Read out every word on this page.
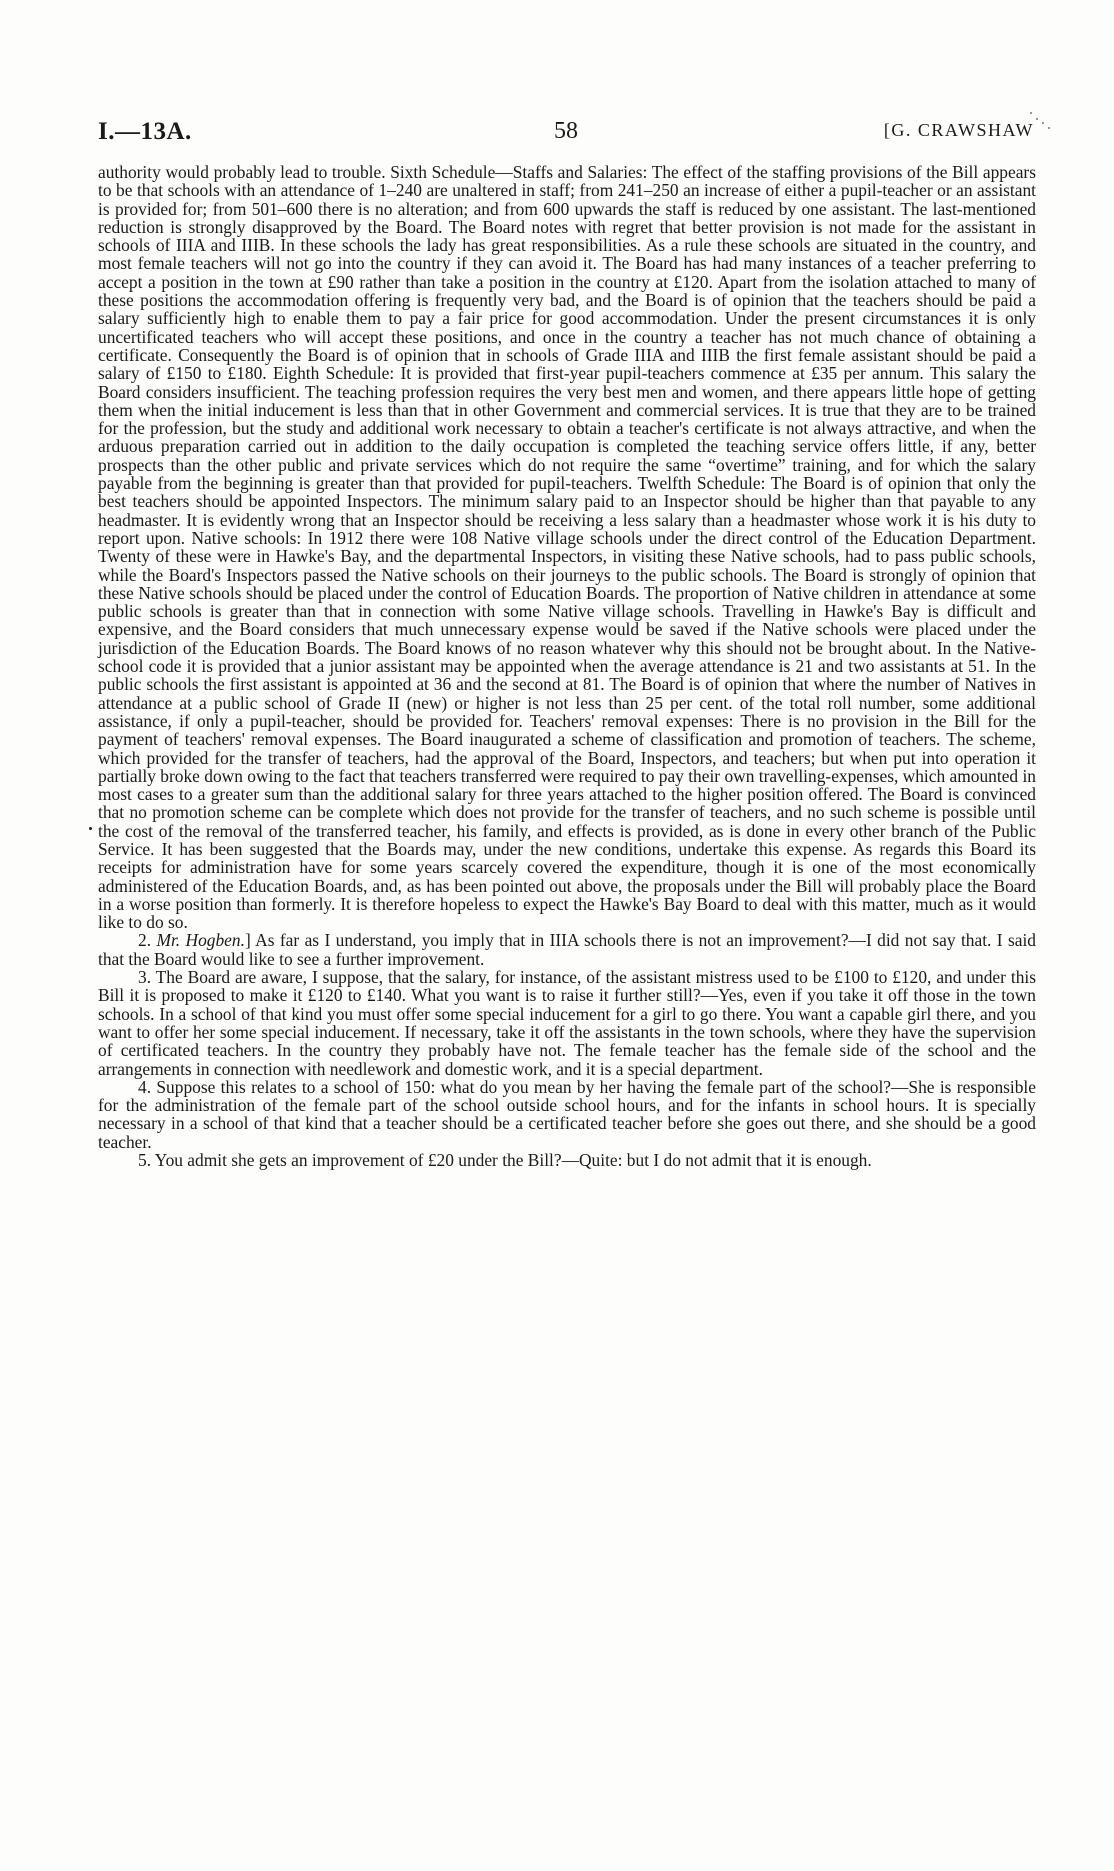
I.—13A.	58	[G. CRAWSHAW

authority would probably lead to trouble. Sixth Schedule—Staffs and Salaries: The effect of the staffing provisions of the Bill appears to be that schools with an attendance of 1–240 are unaltered in staff; from 241–250 an increase of either a pupil-teacher or an assistant is provided for; from 501–600 there is no alteration; and from 600 upwards the staff is reduced by one assistant. The last-mentioned reduction is strongly disapproved by the Board. The Board notes with regret that better provision is not made for the assistant in schools of IIIA and IIIB. In these schools the lady has great responsibilities. As a rule these schools are situated in the country, and most female teachers will not go into the country if they can avoid it. The Board has had many instances of a teacher preferring to accept a position in the town at £90 rather than take a position in the country at £120. Apart from the isolation attached to many of these positions the accommodation offering is frequently very bad, and the Board is of opinion that the teachers should be paid a salary sufficiently high to enable them to pay a fair price for good accommodation. Under the present circumstances it is only uncertificated teachers who will accept these positions, and once in the country a teacher has not much chance of obtaining a certificate. Consequently the Board is of opinion that in schools of Grade IIIA and IIIB the first female assistant should be paid a salary of £150 to £180. Eighth Schedule: It is provided that first-year pupil-teachers commence at £35 per annum. This salary the Board considers insufficient. The teaching profession requires the very best men and women, and there appears little hope of getting them when the initial inducement is less than that in other Government and commercial services. It is true that they are to be trained for the profession, but the study and additional work necessary to obtain a teacher's certificate is not always attractive, and when the arduous preparation carried out in addition to the daily occupation is completed the teaching service offers little, if any, better prospects than the other public and private services which do not require the same “overtime” training, and for which the salary payable from the beginning is greater than that provided for pupil-teachers. Twelfth Schedule: The Board is of opinion that only the best teachers should be appointed Inspectors. The minimum salary paid to an Inspector should be higher than that payable to any headmaster. It is evidently wrong that an Inspector should be receiving a less salary than a headmaster whose work it is his duty to report upon. Native schools: In 1912 there were 108 Native village schools under the direct control of the Education Department. Twenty of these were in Hawke's Bay, and the departmental Inspectors, in visiting these Native schools, had to pass public schools, while the Board's Inspectors passed the Native schools on their journeys to the public schools. The Board is strongly of opinion that these Native schools should be placed under the control of Education Boards. The proportion of Native children in attendance at some public schools is greater than that in connection with some Native village schools. Travelling in Hawke's Bay is difficult and expensive, and the Board considers that much unnecessary expense would be saved if the Native schools were placed under the jurisdiction of the Education Boards. The Board knows of no reason whatever why this should not be brought about. In the Native-school code it is provided that a junior assistant may be appointed when the average attendance is 21 and two assistants at 51. In the public schools the first assistant is appointed at 36 and the second at 81. The Board is of opinion that where the number of Natives in attendance at a public school of Grade II (new) or higher is not less than 25 per cent. of the total roll number, some additional assistance, if only a pupil-teacher, should be provided for. Teachers' removal expenses: There is no provision in the Bill for the payment of teachers' removal expenses. The Board inaugurated a scheme of classification and promotion of teachers. The scheme, which provided for the transfer of teachers, had the approval of the Board, Inspectors, and teachers; but when put into operation it partially broke down owing to the fact that teachers transferred were required to pay their own travelling-expenses, which amounted in most cases to a greater sum than the additional salary for three years attached to the higher position offered. The Board is convinced that no promotion scheme can be complete which does not provide for the transfer of teachers, and no such scheme is possible until the cost of the removal of the transferred teacher, his family, and effects is provided, as is done in every other branch of the Public Service. It has been suggested that the Boards may, under the new conditions, undertake this expense. As regards this Board its receipts for administration have for some years scarcely covered the expenditure, though it is one of the most economically administered of the Education Boards, and, as has been pointed out above, the proposals under the Bill will probably place the Board in a worse position than formerly. It is therefore hopeless to expect the Hawke's Bay Board to deal with this matter, much as it would like to do so.

2. Mr. Hogben.] As far as I understand, you imply that in IIIA schools there is not an improvement?—I did not say that. I said that the Board would like to see a further improvement.

3. The Board are aware, I suppose, that the salary, for instance, of the assistant mistress used to be £100 to £120, and under this Bill it is proposed to make it £120 to £140. What you want is to raise it further still?—Yes, even if you take it off those in the town schools. In a school of that kind you must offer some special inducement for a girl to go there. You want a capable girl there, and you want to offer her some special inducement. If necessary, take it off the assistants in the town schools, where they have the supervision of certificated teachers. In the country they probably have not. The female teacher has the female side of the school and the arrangements in connection with needlework and domestic work, and it is a special department.

4. Suppose this relates to a school of 150: what do you mean by her having the female part of the school?—She is responsible for the administration of the female part of the school outside school hours, and for the infants in school hours. It is specially necessary in a school of that kind that a teacher should be a certificated teacher before she goes out there, and she should be a good teacher.

5. You admit she gets an improvement of £20 under the Bill?—Quite: but I do not admit that it is enough.
